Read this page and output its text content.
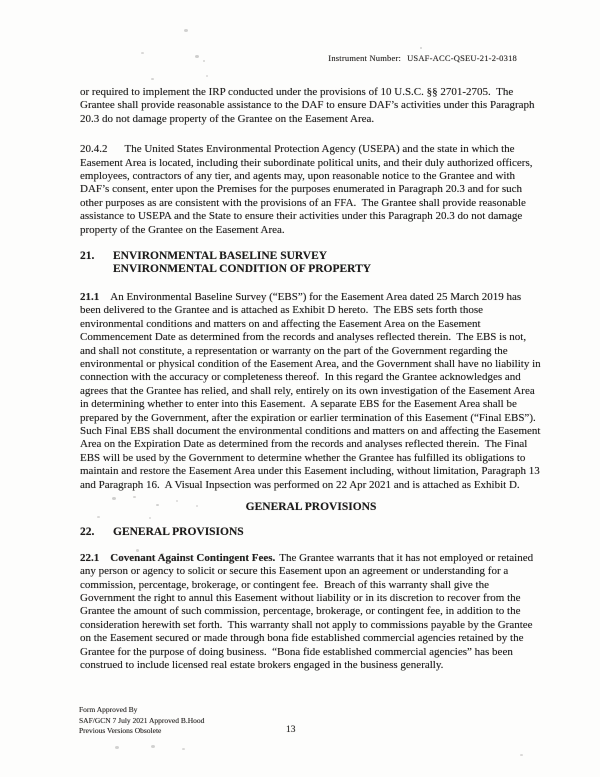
Instrument Number: USAF-ACC-QSEU-21-2-0318

or required to implement the IRP conducted under the provisions of 10 U.S.C. §§ 2701-2705.  The Grantee shall provide reasonable assistance to the DAF to ensure DAF’s activities under this Paragraph 20.3 do not damage property of the Grantee on the Easement Area.

20.4.2 The United States Environmental Protection Agency (USEPA) and the state in which the Easement Area is located, including their subordinate political units, and their duly authorized officers, employees, contractors of any tier, and agents may, upon reasonable notice to the Grantee and with DAF’s consent, enter upon the Premises for the purposes enumerated in Paragraph 20.3 and for such other purposes as are consistent with the provisions of an FFA.  The Grantee shall provide reasonable assistance to USEPA and the State to ensure their activities under this Paragraph 20.3 do not damage property of the Grantee on the Easement Area.

21.	ENVIRONMENTAL BASELINE SURVEY
ENVIRONMENTAL CONDITION OF PROPERTY

21.1 An Environmental Baseline Survey (“EBS”) for the Easement Area dated 25 March 2019 has been delivered to the Grantee and is attached as Exhibit D hereto.  The EBS sets forth those environmental conditions and matters on and affecting the Easement Area on the Easement Commencement Date as determined from the records and analyses reflected therein.  The EBS is not, and shall not constitute, a representation or warranty on the part of the Government regarding the environmental or physical condition of the Easement Area, and the Government shall have no liability in connection with the accuracy or completeness thereof.  In this regard the Grantee acknowledges and agrees that the Grantee has relied, and shall rely, entirely on its own investigation of the Easement Area in determining whether to enter into this Easement.  A separate EBS for the Easement Area shall be prepared by the Government, after the expiration or earlier termination of this Easement (“Final EBS”).  Such Final EBS shall document the environmental conditions and matters on and affecting the Easement Area on the Expiration Date as determined from the records and analyses reflected therein.  The Final EBS will be used by the Government to determine whether the Grantee has fulfilled its obligations to maintain and restore the Easement Area under this Easement including, without limitation, Paragraph 13 and Paragraph 16.  A Visual Inpsection was performed on 22 Apr 2021 and is attached as Exhibit D.

GENERAL PROVISIONS
22.	GENERAL PROVISIONS

22.1 Covenant Against Contingent Fees. The Grantee warrants that it has not employed or retained any person or agency to solicit or secure this Easement upon an agreement or understanding for a commission, percentage, brokerage, or contingent fee.  Breach of this warranty shall give the Government the right to annul this Easement without liability or in its discretion to recover from the Grantee the amount of such commission, percentage, brokerage, or contingent fee, in addition to the consideration herewith set forth.  This warranty shall not apply to commissions payable by the Grantee on the Easement secured or made through bona fide established commercial agencies retained by the Grantee for the purpose of doing business.  “Bona fide established commercial agencies” has been construed to include licensed real estate brokers engaged in the business generally.

Form Approved By
SAF/GCN 7 July 2021 Approved B.Hood
Previous Versions Obsolete	13
